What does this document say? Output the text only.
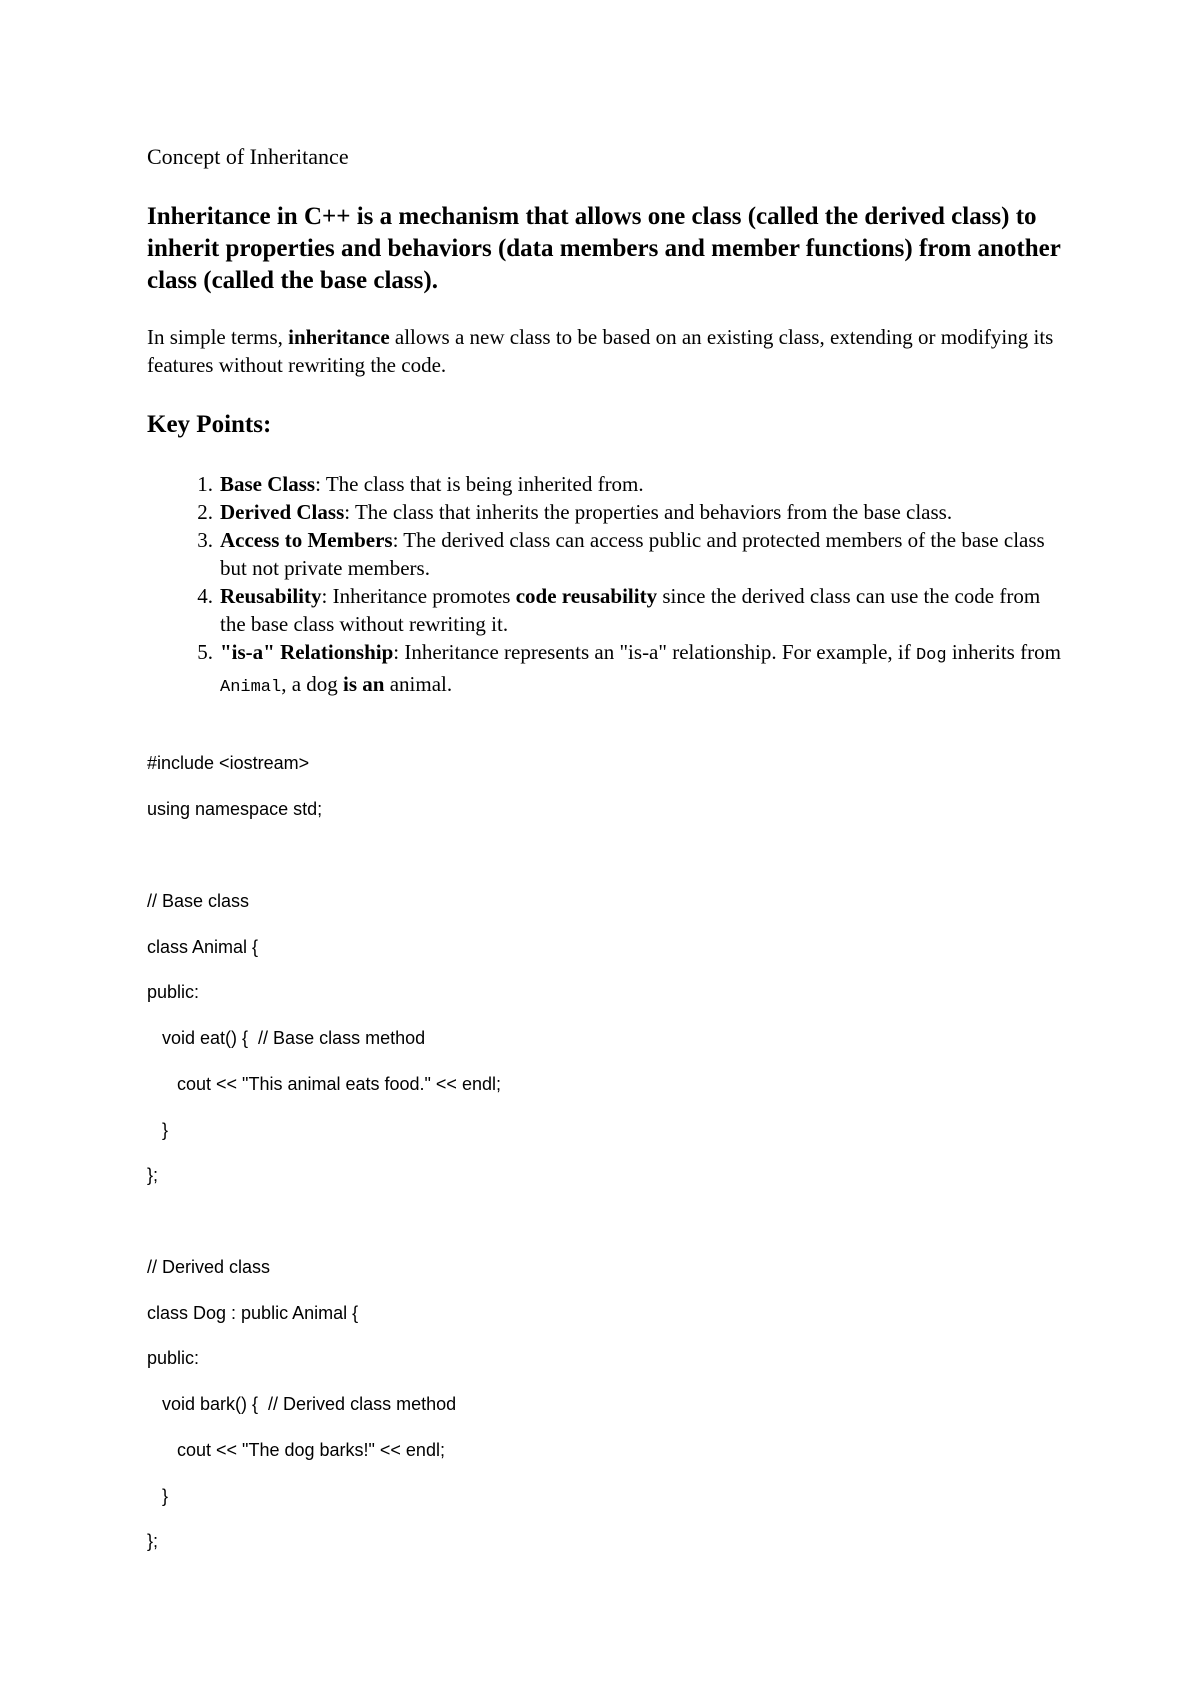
Concept of Inheritance
Inheritance in C++ is a mechanism that allows one class (called the derived class) to inherit properties and behaviors (data members and member functions) from another class (called the base class).
In simple terms, inheritance allows a new class to be based on an existing class, extending or modifying its features without rewriting the code.
Key Points:
1. Base Class: The class that is being inherited from.
2. Derived Class: The class that inherits the properties and behaviors from the base class.
3. Access to Members: The derived class can access public and protected members of the base class but not private members.
4. Reusability: Inheritance promotes code reusability since the derived class can use the code from the base class without rewriting it.
5. "is-a" Relationship: Inheritance represents an "is-a" relationship. For example, if Dog inherits from Animal, a dog is an animal.
#include <iostream>
using namespace std;
// Base class
class Animal {
public:
void eat() {  // Base class method
cout << "This animal eats food." << endl;
}
};
// Derived class
class Dog : public Animal {
public:
void bark() {  // Derived class method
cout << "The dog barks!" << endl;
}
};
